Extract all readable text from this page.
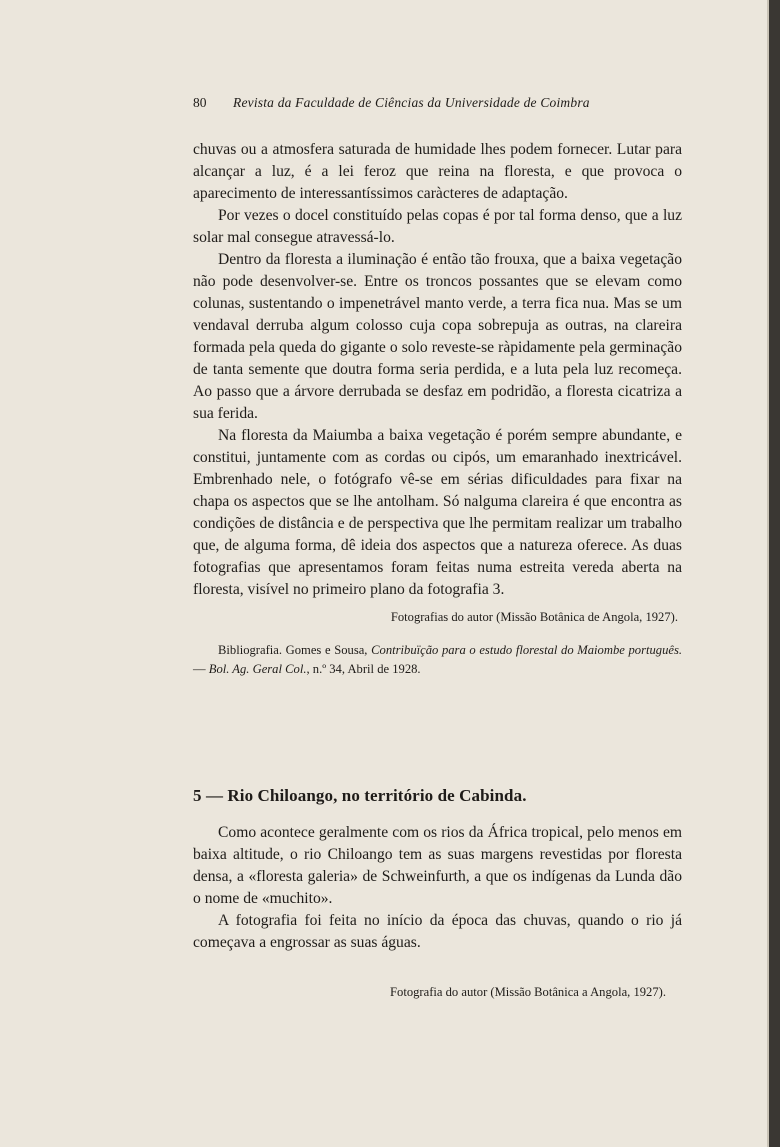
80 Revista da Faculdade de Ciências da Universidade de Coimbra

chuvas ou a atmosfera saturada de humidade lhes podem fornecer. Lutar para alcançar a luz, é a lei feroz que reina na floresta, e que provoca o aparecimento de interessantíssimos caràcteres de adaptação.

Por vezes o docel constituído pelas copas é por tal forma denso, que a luz solar mal consegue atravessá-lo.

Dentro da floresta a iluminação é então tão frouxa, que a baixa vegetação não pode desenvolver-se. Entre os troncos possantes que se elevam como colunas, sustentando o impenetrável manto verde, a terra fica nua. Mas se um vendaval derruba algum colosso cuja copa sobrepuja as outras, na clareira formada pela queda do gigante o solo reveste-se ràpidamente pela germinação de tanta semente que doutra forma seria perdida, e a luta pela luz recomeça. Ao passo que a árvore derrubada se desfaz em podridão, a floresta cicatriza a sua ferida.

Na floresta da Maiumba a baixa vegetação é porém sempre abundante, e constitui, juntamente com as cordas ou cipós, um emaranhado inextricável. Embrenhado nele, o fotógrafo vê-se em sérias dificuldades para fixar na chapa os aspectos que se lhe antolham. Só nalguma clareira é que encontra as condições de distância e de perspectiva que lhe permitam realizar um trabalho que, de alguma forma, dê ideia dos aspectos que a natureza oferece. As duas fotografias que apresentamos foram feitas numa estreita vereda aberta na floresta, visível no primeiro plano da fotografia 3.

Fotografias do autor (Missão Botânica de Angola, 1927).

Bibliografia. Gomes e Sousa, Contribuïção para o estudo florestal do Maiombe português. — Bol. Ag. Geral Col., n.º 34, Abril de 1928.

5 — Rio Chiloango, no território de Cabinda.

Como acontece geralmente com os rios da África tropical, pelo menos em baixa altitude, o rio Chiloango tem as suas margens revestidas por floresta densa, a «floresta galeria» de Schweinfurth, a que os indígenas da Lunda dão o nome de «muchito».

A fotografia foi feita no início da época das chuvas, quando o rio já começava a engrossar as suas águas.

Fotografia do autor (Missão Botânica a Angola, 1927).
